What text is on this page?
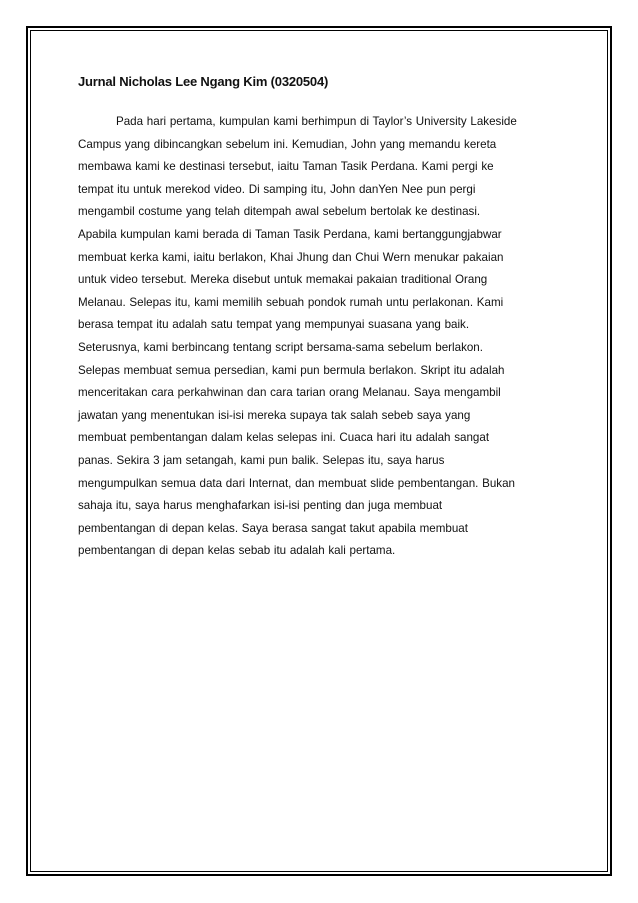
Jurnal Nicholas Lee Ngang Kim (0320504)
Pada hari pertama, kumpulan kami berhimpun di Taylor’s University Lakeside
Campus yang dibincangkan sebelum ini. Kemudian, John yang memandu kereta
membawa kami ke destinasi tersebut, iaitu Taman Tasik Perdana. Kami pergi ke
tempat itu untuk merekod video. Di samping itu, John danYen Nee pun pergi
mengambil costume yang telah ditempah awal sebelum bertolak ke destinasi.
Apabila kumpulan kami berada di Taman Tasik Perdana, kami bertanggungjabwar
membuat kerka kami, iaitu berlakon, Khai Jhung dan Chui Wern menukar pakaian
untuk video tersebut. Mereka disebut untuk memakai pakaian traditional Orang
Melanau. Selepas itu, kami memilih sebuah pondok rumah untu perlakonan. Kami
berasa tempat itu adalah satu tempat yang mempunyai suasana yang baik.
Seterusnya, kami berbincang tentang script bersama-sama sebelum berlakon.
Selepas membuat semua persedian, kami pun bermula berlakon. Skript itu adalah
menceritakan cara perkahwinan dan cara tarian orang Melanau. Saya mengambil
jawatan yang menentukan isi-isi mereka supaya tak salah sebeb saya yang
membuat pembentangan dalam kelas selepas ini. Cuaca hari itu adalah sangat
panas. Sekira 3 jam setangah, kami pun balik. Selepas itu, saya harus
mengumpulkan semua data dari Internat, dan membuat slide pembentangan. Bukan
sahaja itu, saya harus menghafarkan isi-isi penting dan juga membuat
pembentangan di depan kelas. Saya berasa sangat takut apabila membuat
pembentangan di depan kelas sebab itu adalah kali pertama.
